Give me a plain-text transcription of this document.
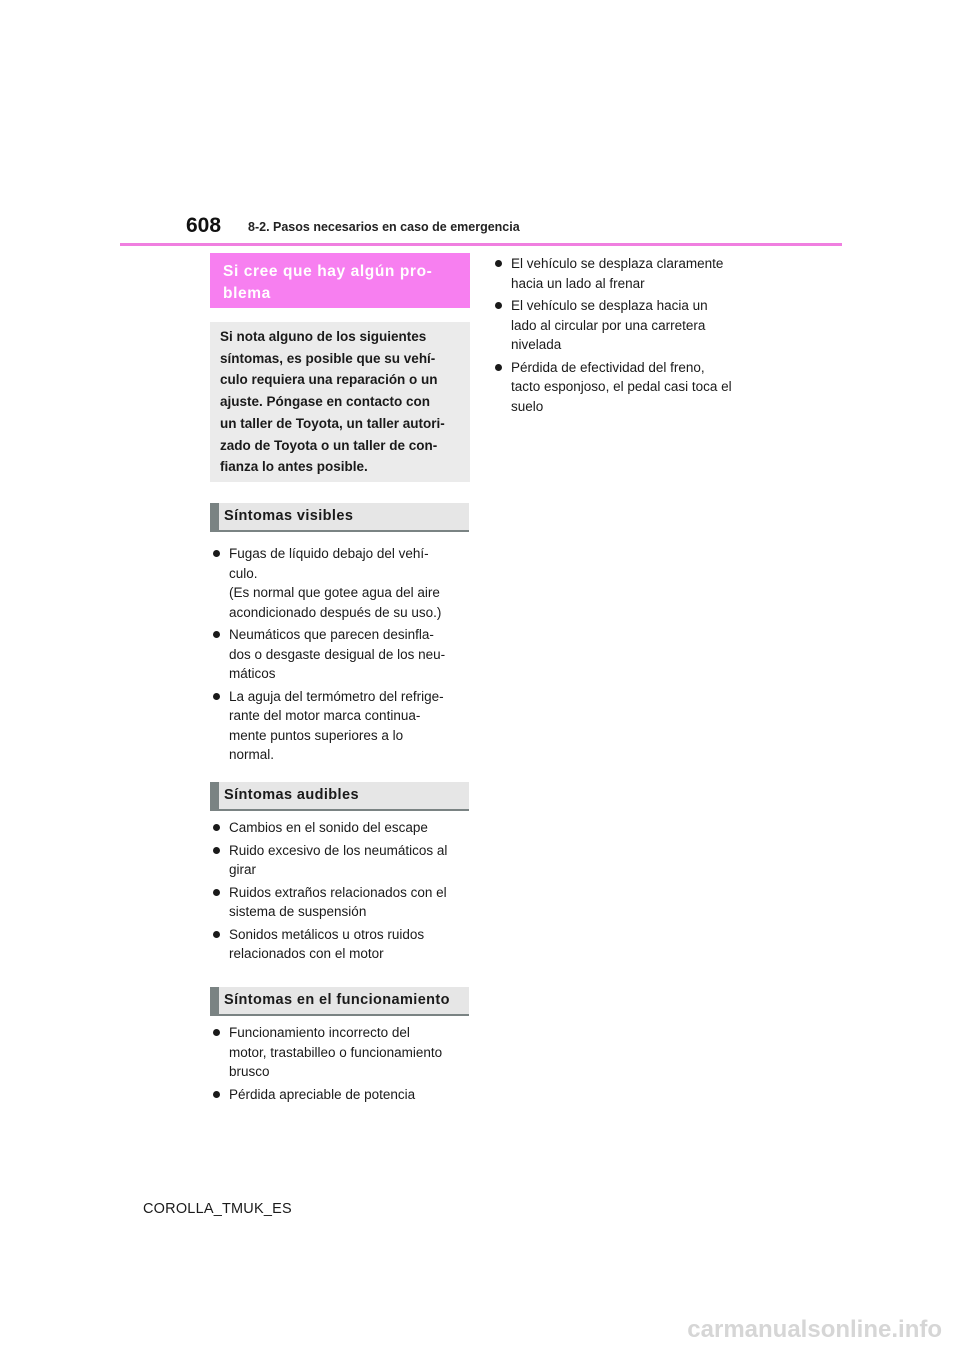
608 8-2. Pasos necesarios en caso de emergencia
Si cree que hay algún pro-
blema
Si nota alguno de los siguientes
síntomas, es posible que su vehí-
culo requiera una reparación o un
ajuste. Póngase en contacto con
un taller de Toyota, un taller autori-
zado de Toyota o un taller de con-
fianza lo antes posible.
Síntomas visibles
Fugas de líquido debajo del vehí-
culo.
(Es normal que gotee agua del aire
acondicionado después de su uso.)
Neumáticos que parecen desinfla-
dos o desgaste desigual de los neu-
máticos
La aguja del termómetro del refrige-
rante del motor marca continua-
mente puntos superiores a lo
normal.
Síntomas audibles
Cambios en el sonido del escape
Ruido excesivo de los neumáticos al
girar
Ruidos extraños relacionados con el
sistema de suspensión
Sonidos metálicos u otros ruidos
relacionados con el motor
Síntomas en el funcionamiento
Funcionamiento incorrecto del
motor, trastabilleo o funcionamiento
brusco
Pérdida apreciable de potencia
El vehículo se desplaza claramente
hacia un lado al frenar
El vehículo se desplaza hacia un
lado al circular por una carretera
nivelada
Pérdida de efectividad del freno,
tacto esponjoso, el pedal casi toca el
suelo
COROLLA_TMUK_ES
carmanualsonline.info
